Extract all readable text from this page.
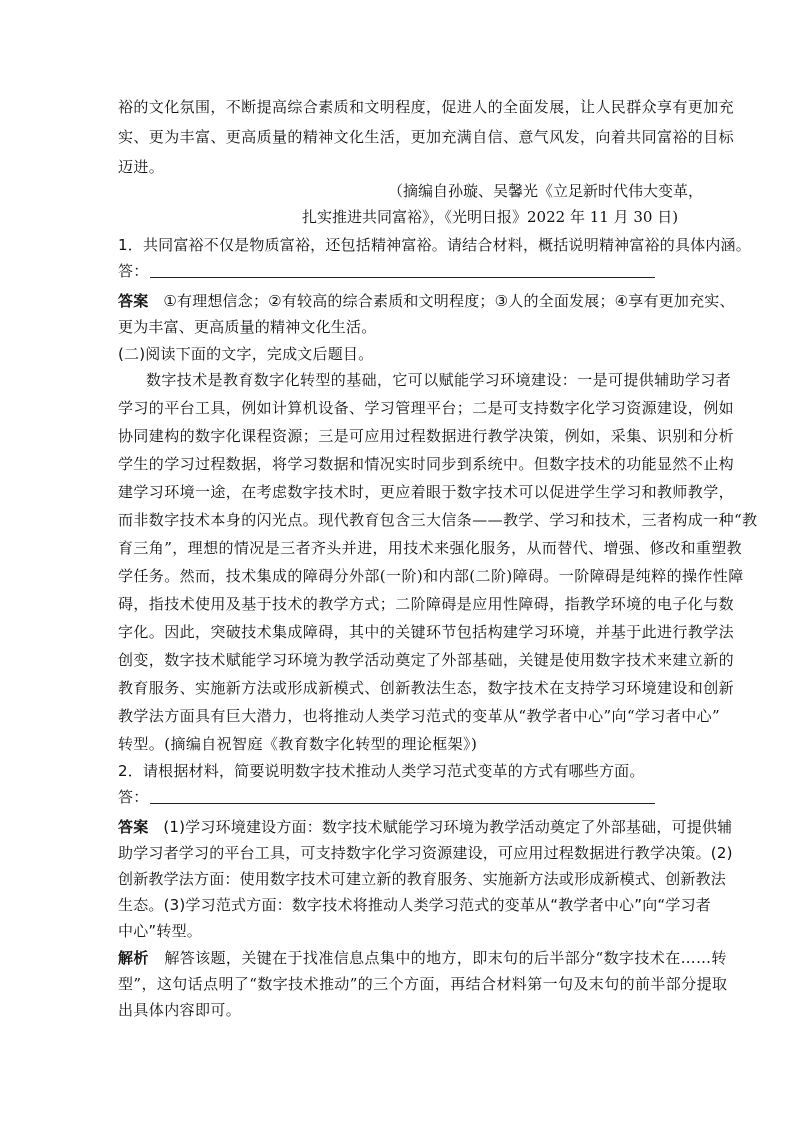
裕的文化氛围，不断提高综合素质和文明程度，促进人的全面发展，让人民群众享有更加充
实、更为丰富、更高质量的精神文化生活，更加充满自信、意气风发，向着共同富裕的目标
迈进。
（摘编自孙璇、吴馨光《立足新时代伟大变革，
扎实推进共同富裕》，《光明日报》2022 年 11 月 30 日)
1．共同富裕不仅是物质富裕，还包括精神富裕。请结合材料，概括说明精神富裕的具体内涵。
答：
答案 ①有理想信念；②有较高的综合素质和文明程度；③人的全面发展；④享有更加充实、
更为丰富、更高质量的精神文化生活。
(二)阅读下面的文字，完成文后题目。
数字技术是教育数字化转型的基础，它可以赋能学习环境建设：一是可提供辅助学习者
学习的平台工具，例如计算机设备、学习管理平台；二是可支持数字化学习资源建设，例如
协同建构的数字化课程资源；三是可应用过程数据进行教学决策，例如，采集、识别和分析
学生的学习过程数据，将学习数据和情况实时同步到系统中。但数字技术的功能显然不止构
建学习环境一途，在考虑数字技术时，更应着眼于数字技术可以促进学生学习和教师教学，
而非数字技术本身的闪光点。现代教育包含三大信条——教学、学习和技术，三者构成一种“教
育三角”，理想的情况是三者齐头并进，用技术来强化服务，从而替代、增强、修改和重塑教
学任务。然而，技术集成的障碍分外部(一阶)和内部(二阶)障碍。一阶障碍是纯粹的操作性障
碍，指技术使用及基于技术的教学方式；二阶障碍是应用性障碍，指教学环境的电子化与数
字化。因此，突破技术集成障碍，其中的关键环节包括构建学习环境，并基于此进行教学法
创变，数字技术赋能学习环境为教学活动奠定了外部基础，关键是使用数字技术来建立新的
教育服务、实施新方法或形成新模式、创新教法生态，数字技术在支持学习环境建设和创新
教学法方面具有巨大潜力，也将推动人类学习范式的变革从“教学者中心”向“学习者中心”
转型。(摘编自祝智庭《教育数字化转型的理论框架》)
2．请根据材料，简要说明数字技术推动人类学习范式变革的方式有哪些方面。
答：
答案 (1)学习环境建设方面：数字技术赋能学习环境为教学活动奠定了外部基础，可提供辅
助学习者学习的平台工具，可支持数字化学习资源建设，可应用过程数据进行教学决策。(2)
创新教学法方面：使用数字技术可建立新的教育服务、实施新方法或形成新模式、创新教法
生态。(3)学习范式方面：数字技术将推动人类学习范式的变革从“教学者中心”向“学习者
中心”转型。
解析 解答该题，关键在于找准信息点集中的地方，即末句的后半部分“数字技术在……转
型”，这句话点明了“数字技术推动”的三个方面，再结合材料第一句及末句的前半部分提取
出具体内容即可。
